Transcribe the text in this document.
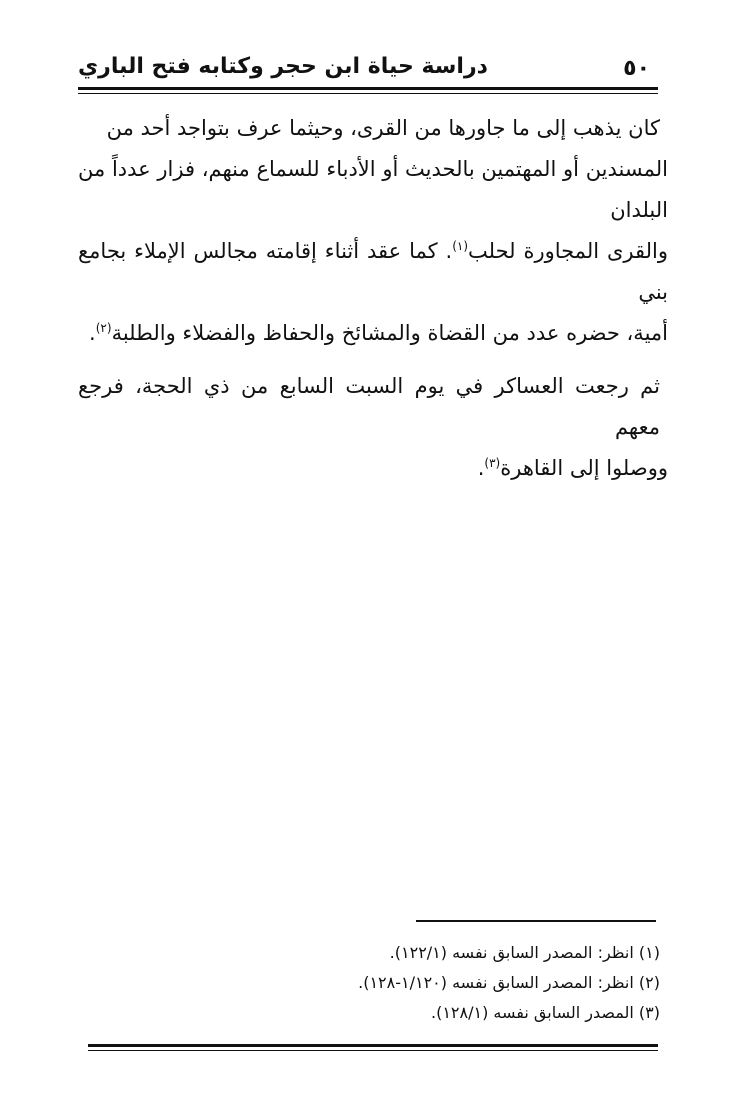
٥٠
دراسة حياة ابن حجر وكتابه فتح الباري

كان يذهب إلى ما جاورها من القرى، وحيثما عرف بتواجد أحد من

المسندين أو المهتمين بالحديث أو الأدباء للسماع منهم، فزار عدداً من البلدان

والقرى المجاورة لحلب$^{(١)}$. كما عقد أثناء إقامته مجالس الإملاء بجامع بني

أمية، حضره عدد من القضاة والمشائخ والحفاظ والفضلاء والطلبة$^{(٢)}$.

ثم رجعت العساكر في يوم السبت السابع من ذي الحجة، فرجع معهم

ووصلوا إلى القاهرة$^{(٣)}$.

(١) انظر: المصدر السابق نفسه (١٢٢/١).
(٢) انظر: المصدر السابق نفسه (١/١٢٠-١٢٨).
(٣) المصدر السابق نفسه (١٢٨/١).
